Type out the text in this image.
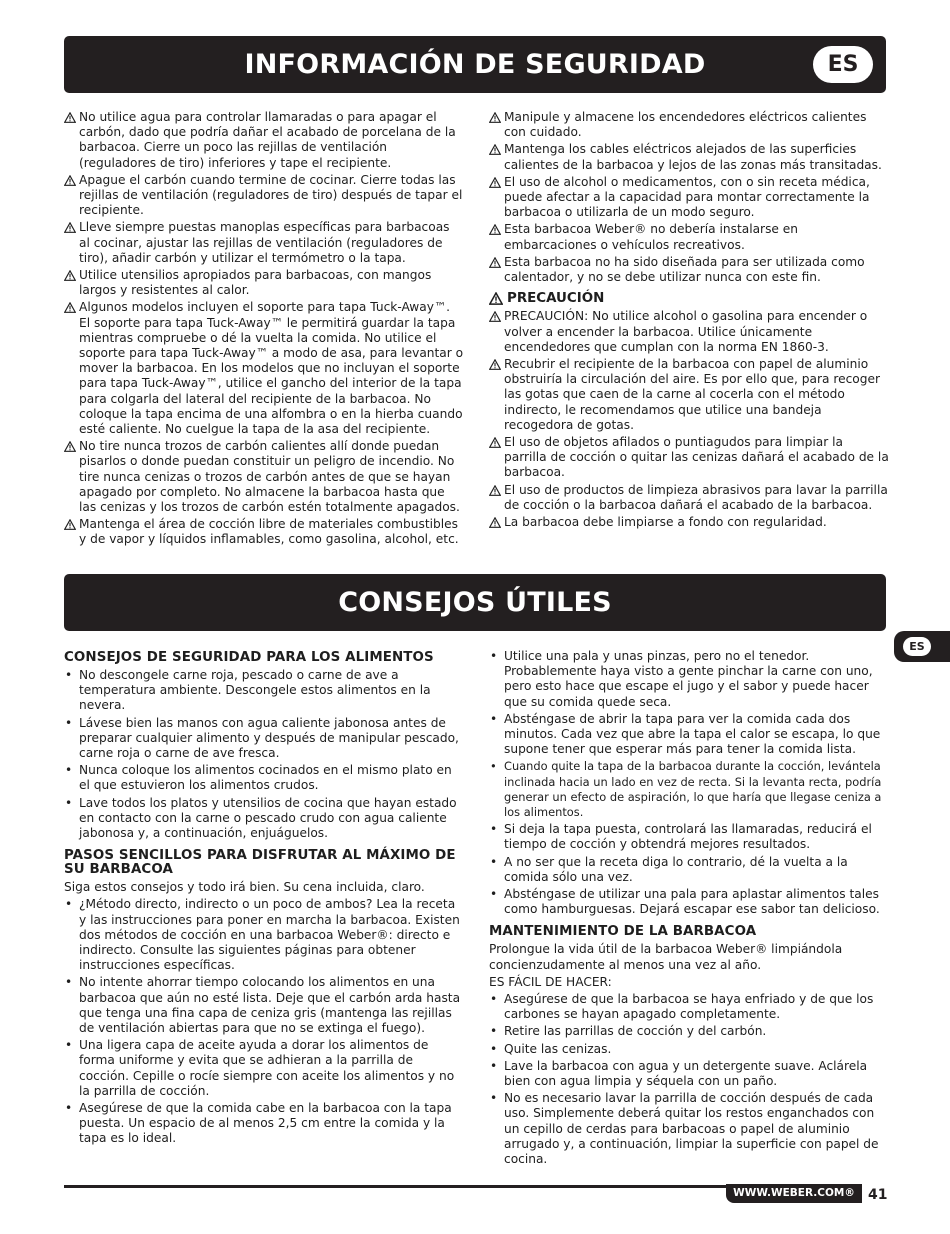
INFORMACIÓN DE SEGURIDAD	ES
No utilice agua para controlar llamaradas o para apagar el carbón, dado que podría dañar el acabado de porcelana de la barbacoa. Cierre un poco las rejillas de ventilación (reguladores de tiro) inferiores y tape el recipiente.
Apague el carbón cuando termine de cocinar. Cierre todas las rejillas de ventilación (reguladores de tiro) después de tapar el recipiente.
Lleve siempre puestas manoplas específicas para barbacoas al cocinar, ajustar las rejillas de ventilación (reguladores de tiro), añadir carbón y utilizar el termómetro o la tapa.
Utilice utensilios apropiados para barbacoas, con mangos largos y resistentes al calor.
Algunos modelos incluyen el soporte para tapa Tuck-Away™. El soporte para tapa Tuck-Away™ le permitirá guardar la tapa mientras compruebe o dé la vuelta la comida. No utilice el soporte para tapa Tuck-Away™ a modo de asa, para levantar o mover la barbacoa. En los modelos que no incluyan el soporte para tapa Tuck-Away™, utilice el gancho del interior de la tapa para colgarla del lateral del recipiente de la barbacoa. No coloque la tapa encima de una alfombra o en la hierba cuando esté caliente. No cuelgue la tapa de la asa del recipiente.
No tire nunca trozos de carbón calientes allí donde puedan pisarlos o donde puedan constituir un peligro de incendio. No tire nunca cenizas o trozos de carbón antes de que se hayan apagado por completo. No almacene la barbacoa hasta que las cenizas y los trozos de carbón estén totalmente apagados.
Mantenga el área de cocción libre de materiales combustibles y de vapor y líquidos inflamables, como gasolina, alcohol, etc.
Manipule y almacene los encendedores eléctricos calientes con cuidado.
Mantenga los cables eléctricos alejados de las superficies calientes de la barbacoa y lejos de las zonas más transitadas.
El uso de alcohol o medicamentos, con o sin receta médica, puede afectar a la capacidad para montar correctamente la barbacoa o utilizarla de un modo seguro.
Esta barbacoa Weber® no debería instalarse en embarcaciones o vehículos recreativos.
Esta barbacoa no ha sido diseñada para ser utilizada como calentador, y no se debe utilizar nunca con este fin.
PRECAUCIÓN
PRECAUCIÓN: No utilice alcohol o gasolina para encender o volver a encender la barbacoa. Utilice únicamente encendedores que cumplan con la norma EN 1860-3.
Recubrir el recipiente de la barbacoa con papel de aluminio obstruiría la circulación del aire. Es por ello que, para recoger las gotas que caen de la carne al cocerla con el método indirecto, le recomendamos que utilice una bandeja recogedora de gotas.
El uso de objetos afilados o puntiagudos para limpiar la parrilla de cocción o quitar las cenizas dañará el acabado de la barbacoa.
El uso de productos de limpieza abrasivos para lavar la parrilla de cocción o la barbacoa dañará el acabado de la barbacoa.
La barbacoa debe limpiarse a fondo con regularidad.
CONSEJOS ÚTILES
ES
CONSEJOS DE SEGURIDAD PARA LOS ALIMENTOS
• No descongele carne roja, pescado o carne de ave a temperatura ambiente. Descongele estos alimentos en la nevera.
• Lávese bien las manos con agua caliente jabonosa antes de preparar cualquier alimento y después de manipular pescado, carne roja o carne de ave fresca.
• Nunca coloque los alimentos cocinados en el mismo plato en el que estuvieron los alimentos crudos.
• Lave todos los platos y utensilios de cocina que hayan estado en contacto con la carne o pescado crudo con agua caliente jabonosa y, a continuación, enjuáguelos.
PASOS SENCILLOS PARA DISFRUTAR AL MÁXIMO DE SU BARBACOA
Siga estos consejos y todo irá bien. Su cena incluida, claro.
• ¿Método directo, indirecto o un poco de ambos? Lea la receta y las instrucciones para poner en marcha la barbacoa. Existen dos métodos de cocción en una barbacoa Weber®: directo e indirecto. Consulte las siguientes páginas para obtener instrucciones específicas.
• No intente ahorrar tiempo colocando los alimentos en una barbacoa que aún no esté lista. Deje que el carbón arda hasta que tenga una fina capa de ceniza gris (mantenga las rejillas de ventilación abiertas para que no se extinga el fuego).
• Una ligera capa de aceite ayuda a dorar los alimentos de forma uniforme y evita que se adhieran a la parrilla de cocción. Cepille o rocíe siempre con aceite los alimentos y no la parrilla de cocción.
• Asegúrese de que la comida cabe en la barbacoa con la tapa puesta. Un espacio de al menos 2,5 cm entre la comida y la tapa es lo ideal.
• Utilice una pala y unas pinzas, pero no el tenedor. Probablemente haya visto a gente pinchar la carne con uno, pero esto hace que escape el jugo y el sabor y puede hacer que su comida quede seca.
• Absténgase de abrir la tapa para ver la comida cada dos minutos. Cada vez que abre la tapa el calor se escapa, lo que supone tener que esperar más para tener la comida lista.
• Cuando quite la tapa de la barbacoa durante la cocción, levántela inclinada hacia un lado en vez de recta. Si la levanta recta, podría generar un efecto de aspiración, lo que haría que llegase ceniza a los alimentos.
• Si deja la tapa puesta, controlará las llamaradas, reducirá el tiempo de cocción y obtendrá mejores resultados.
• A no ser que la receta diga lo contrario, dé la vuelta a la comida sólo una vez.
• Absténgase de utilizar una pala para aplastar alimentos tales como hamburguesas. Dejará escapar ese sabor tan delicioso.
MANTENIMIENTO DE LA BARBACOA
Prolongue la vida útil de la barbacoa Weber® limpiándola concienzudamente al menos una vez al año.
ES FÁCIL DE HACER:
• Asegúrese de que la barbacoa se haya enfriado y de que los carbones se hayan apagado completamente.
• Retire las parrillas de cocción y del carbón.
• Quite las cenizas.
• Lave la barbacoa con agua y un detergente suave. Aclárela bien con agua limpia y séquela con un paño.
• No es necesario lavar la parrilla de cocción después de cada uso. Simplemente deberá quitar los restos enganchados con un cepillo de cerdas para barbacoas o papel de aluminio arrugado y, a continuación, limpiar la superficie con papel de cocina.
WWW.WEBER.COM® 41
